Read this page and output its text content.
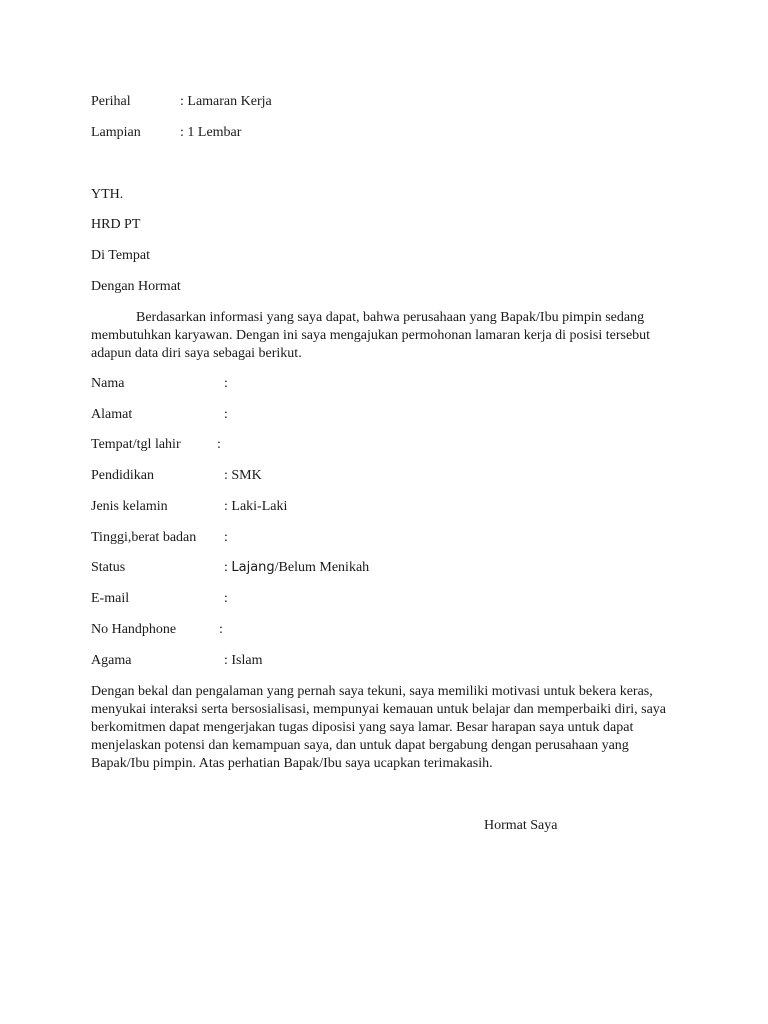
Perihal	: Lamaran Kerja
Lampian	: 1 Lembar
YTH.
HRD PT
Di Tempat
Dengan Hormat
Berdasarkan informasi yang saya dapat, bahwa perusahaan yang Bapak/Ibu pimpin sedang
membutuhkan karyawan. Dengan ini saya mengajukan permohonan lamaran kerja di posisi tersebut
adapun data diri saya sebagai berikut.
Nama	:
Alamat	:
Tempat/tgl lahir	:
Pendidikan	: SMK
Jenis kelamin	: Laki-Laki
Tinggi,berat badan :
Status	: Lajang/Belum Menikah
E-mail	:
No Handphone	:
Agama	: Islam
Dengan bekal dan pengalaman yang pernah saya tekuni, saya memiliki motivasi untuk bekera keras,
menyukai interaksi serta bersosialisasi, mempunyai kemauan untuk belajar dan memperbaiki diri, saya
berkomitmen dapat mengerjakan tugas diposisi yang saya lamar. Besar harapan saya untuk dapat
menjelaskan potensi dan kemampuan saya, dan untuk dapat bergabung dengan perusahaan yang
Bapak/Ibu pimpin. Atas perhatian Bapak/Ibu saya ucapkan terimakasih.
Hormat Saya
